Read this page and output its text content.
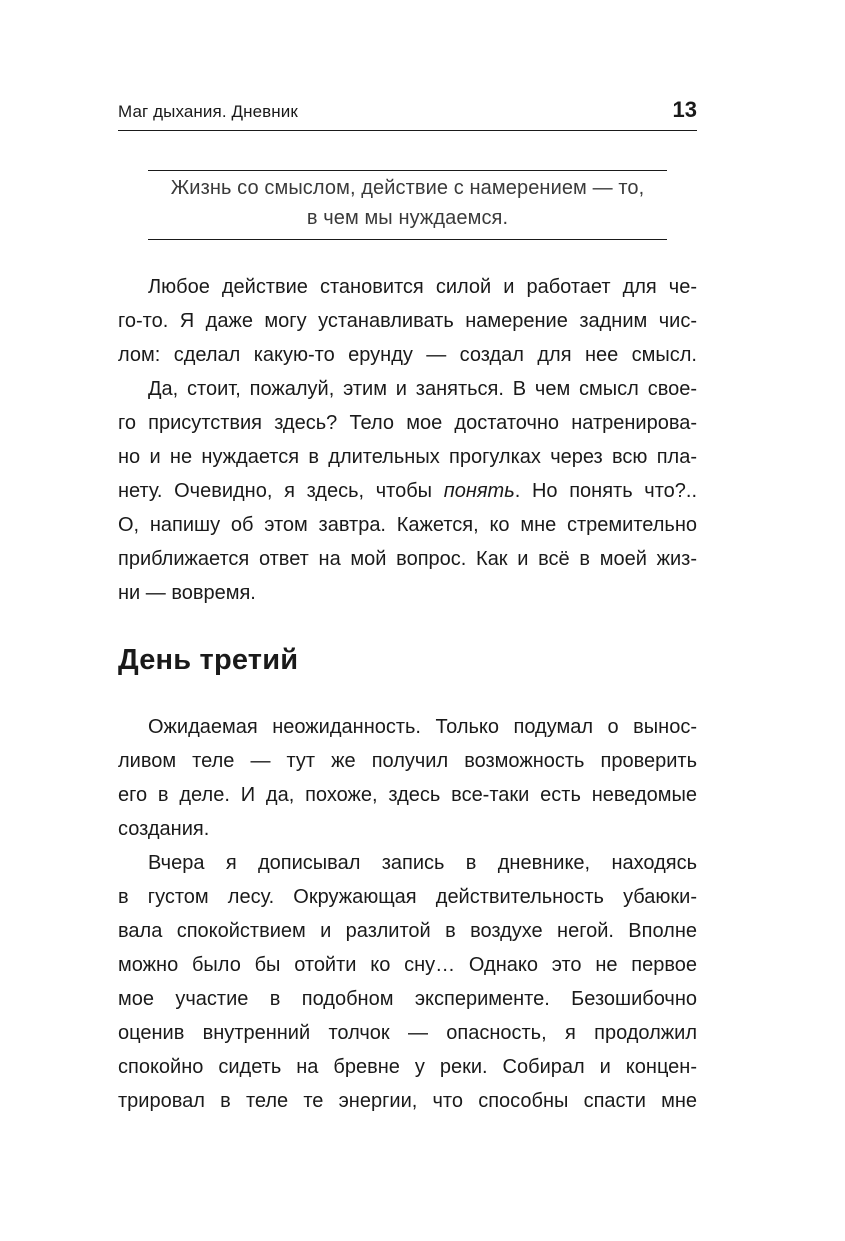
Маг дыхания. Дневник	13
Жизнь со смыслом, действие с намерением — то,
в чем мы нуждаемся.
Любое действие становится силой и работает для че-
го-то. Я даже могу устанавливать намерение задним чис-
лом: сделал какую-то ерунду — создал для нее смысл.
Да, стоит, пожалуй, этим и заняться. В чем смысл свое-
го присутствия здесь? Тело мое достаточно натренирова-
но и не нуждается в длительных прогулках через всю пла-
нету. Очевидно, я здесь, чтобы понять. Но понять что?..
О, напишу об этом завтра. Кажется, ко мне стремительно
приближается ответ на мой вопрос. Как и всё в моей жиз-
ни — вовремя.
День третий
Ожидаемая неожиданность. Только подумал о вынос-
ливом теле — тут же получил возможность проверить
его в деле. И да, похоже, здесь все-таки есть неведомые
создания.
Вчера я дописывал запись в дневнике, находясь
в густом лесу. Окружающая действительность убаюки-
вала спокойствием и разлитой в воздухе негой. Вполне
можно было бы отойти ко сну… Однако это не первое
мое участие в подобном эксперименте. Безошибочно
оценив внутренний толчок — опасность, я продолжил
спокойно сидеть на бревне у реки. Собирал и концен-
трировал в теле те энергии, что способны спасти мне
